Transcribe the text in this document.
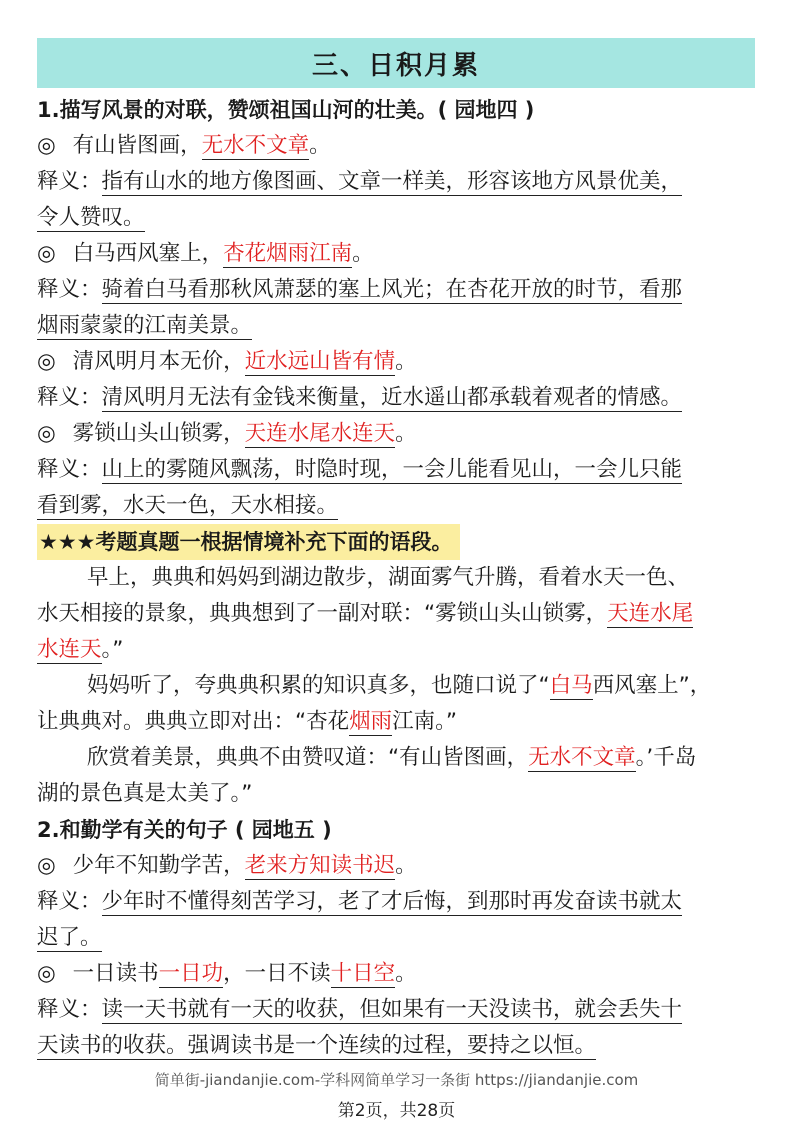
三、日积月累
1.描写风景的对联，赞颂祖国山河的壮美。( 园地四 )
◎ 有山皆图画，无水不文章。
释义：指有山水的地方像图画、文章一样美，形容该地方风景优美，
令人赞叹。
◎ 白马西风塞上，杏花烟雨江南。
释义：骑着白马看那秋风萧瑟的塞上风光；在杏花开放的时节，看那
烟雨蒙蒙的江南美景。
◎ 清风明月本无价，近水远山皆有情。
释义：清风明月无法有金钱来衡量，近水遥山都承载着观者的情感。
◎ 雾锁山头山锁雾，天连水尾水连天。
释义：山上的雾随风飘荡，时隐时现，一会儿能看见山，一会儿只能
看到雾，水天一色，天水相接。
★★★考题真题一根据情境补充下面的语段。
早上，典典和妈妈到湖边散步，湖面雾气升腾，看着水天一色、
水天相接的景象，典典想到了一副对联：“雾锁山头山锁雾，天连水尾
水连天。”
妈妈听了，夸典典积累的知识真多，也随口说了“白马西风塞上”，
让典典对。典典立即对出：“杏花烟雨江南。”
欣赏着美景，典典不由赞叹道：“有山皆图画，无水不文章。’千岛
湖的景色真是太美了。”
2.和勤学有关的句子 ( 园地五 )
◎ 少年不知勤学苦，老来方知读书迟。
释义：少年时不懂得刻苦学习，老了才后悔，到那时再发奋读书就太
迟了。
◎ 一日读书一日功，一日不读十日空。
释义：读一天书就有一天的收获，但如果有一天没读书，就会丢失十
天读书的收获。强调读书是一个连续的过程，要持之以恒。
简单街-jiandanjie.com-学科网简单学习一条街 https://jiandanjie.com
第2页，共28页
